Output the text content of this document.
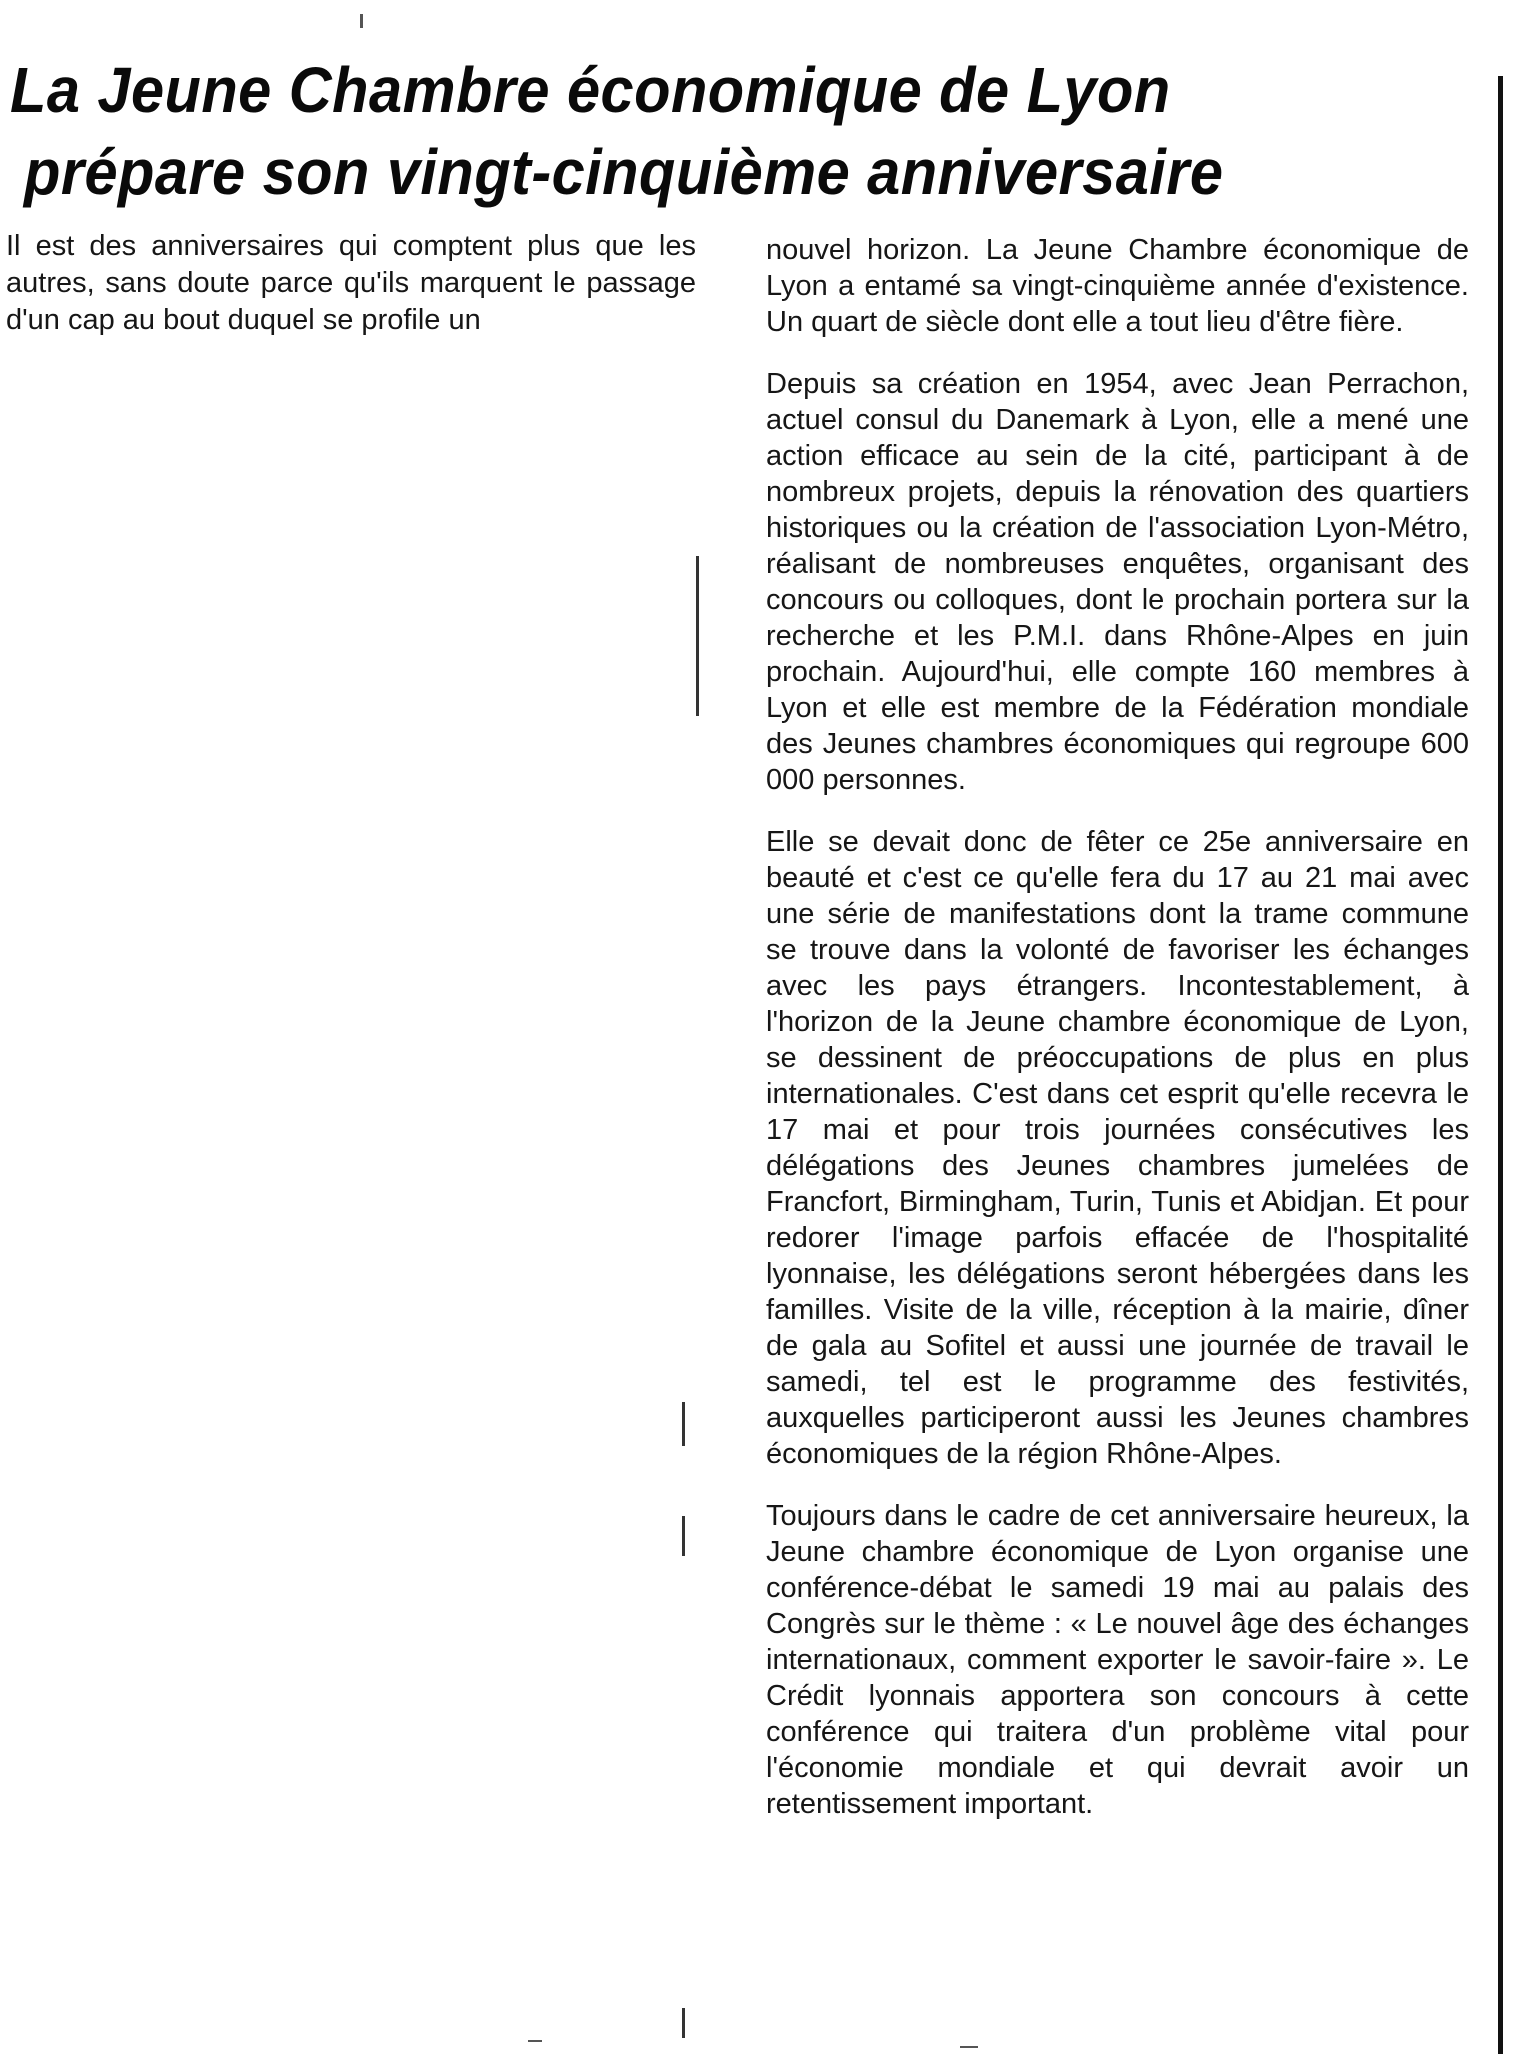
La Jeune Chambre économique de Lyon
prépare son vingt-cinquième anniversaire

Il est des anniversaires qui comptent plus que les autres, sans doute parce qu'ils marquent le passage d'un cap au bout duquel se profile un

nouvel horizon. La Jeune Chambre économique de Lyon a entamé sa vingt-cinquième année d'existence. Un quart de siècle dont elle a tout lieu d'être fière.

Depuis sa création en 1954, avec Jean Perrachon, actuel consul du Danemark à Lyon, elle a mené une action efficace au sein de la cité, participant à de nombreux projets, depuis la rénovation des quartiers historiques ou la création de l'association Lyon-Métro, réalisant de nombreuses enquêtes, organisant des concours ou colloques, dont le prochain portera sur la recherche et les P.M.I. dans Rhône-Alpes en juin prochain. Aujourd'hui, elle compte 160 membres à Lyon et elle est membre de la Fédération mondiale des Jeunes chambres économiques qui regroupe 600 000 personnes.

Elle se devait donc de fêter ce 25e anniversaire en beauté et c'est ce qu'elle fera du 17 au 21 mai avec une série de manifestations dont la trame commune se trouve dans la volonté de favoriser les échanges avec les pays étrangers. Incontestablement, à l'horizon de la Jeune chambre économique de Lyon, se dessinent de préoccupations de plus en plus internationales. C'est dans cet esprit qu'elle recevra le 17 mai et pour trois journées consécutives les délégations des Jeunes chambres jumelées de Francfort, Birmingham, Turin, Tunis et Abidjan. Et pour redorer l'image parfois effacée de l'hospitalité lyonnaise, les délégations seront hébergées dans les familles. Visite de la ville, réception à la mairie, dîner de gala au Sofitel et aussi une journée de travail le samedi, tel est le programme des festivités, auxquelles participeront aussi les Jeunes chambres économiques de la région Rhône-Alpes.

Toujours dans le cadre de cet anniversaire heureux, la Jeune chambre économique de Lyon organise une conférence-débat le samedi 19 mai au palais des Congrès sur le thème : « Le nouvel âge des échanges internationaux, comment exporter le savoir-faire ». Le Crédit lyonnais apportera son concours à cette conférence qui traitera d'un problème vital pour l'économie mondiale et qui devrait avoir un retentissement important.
